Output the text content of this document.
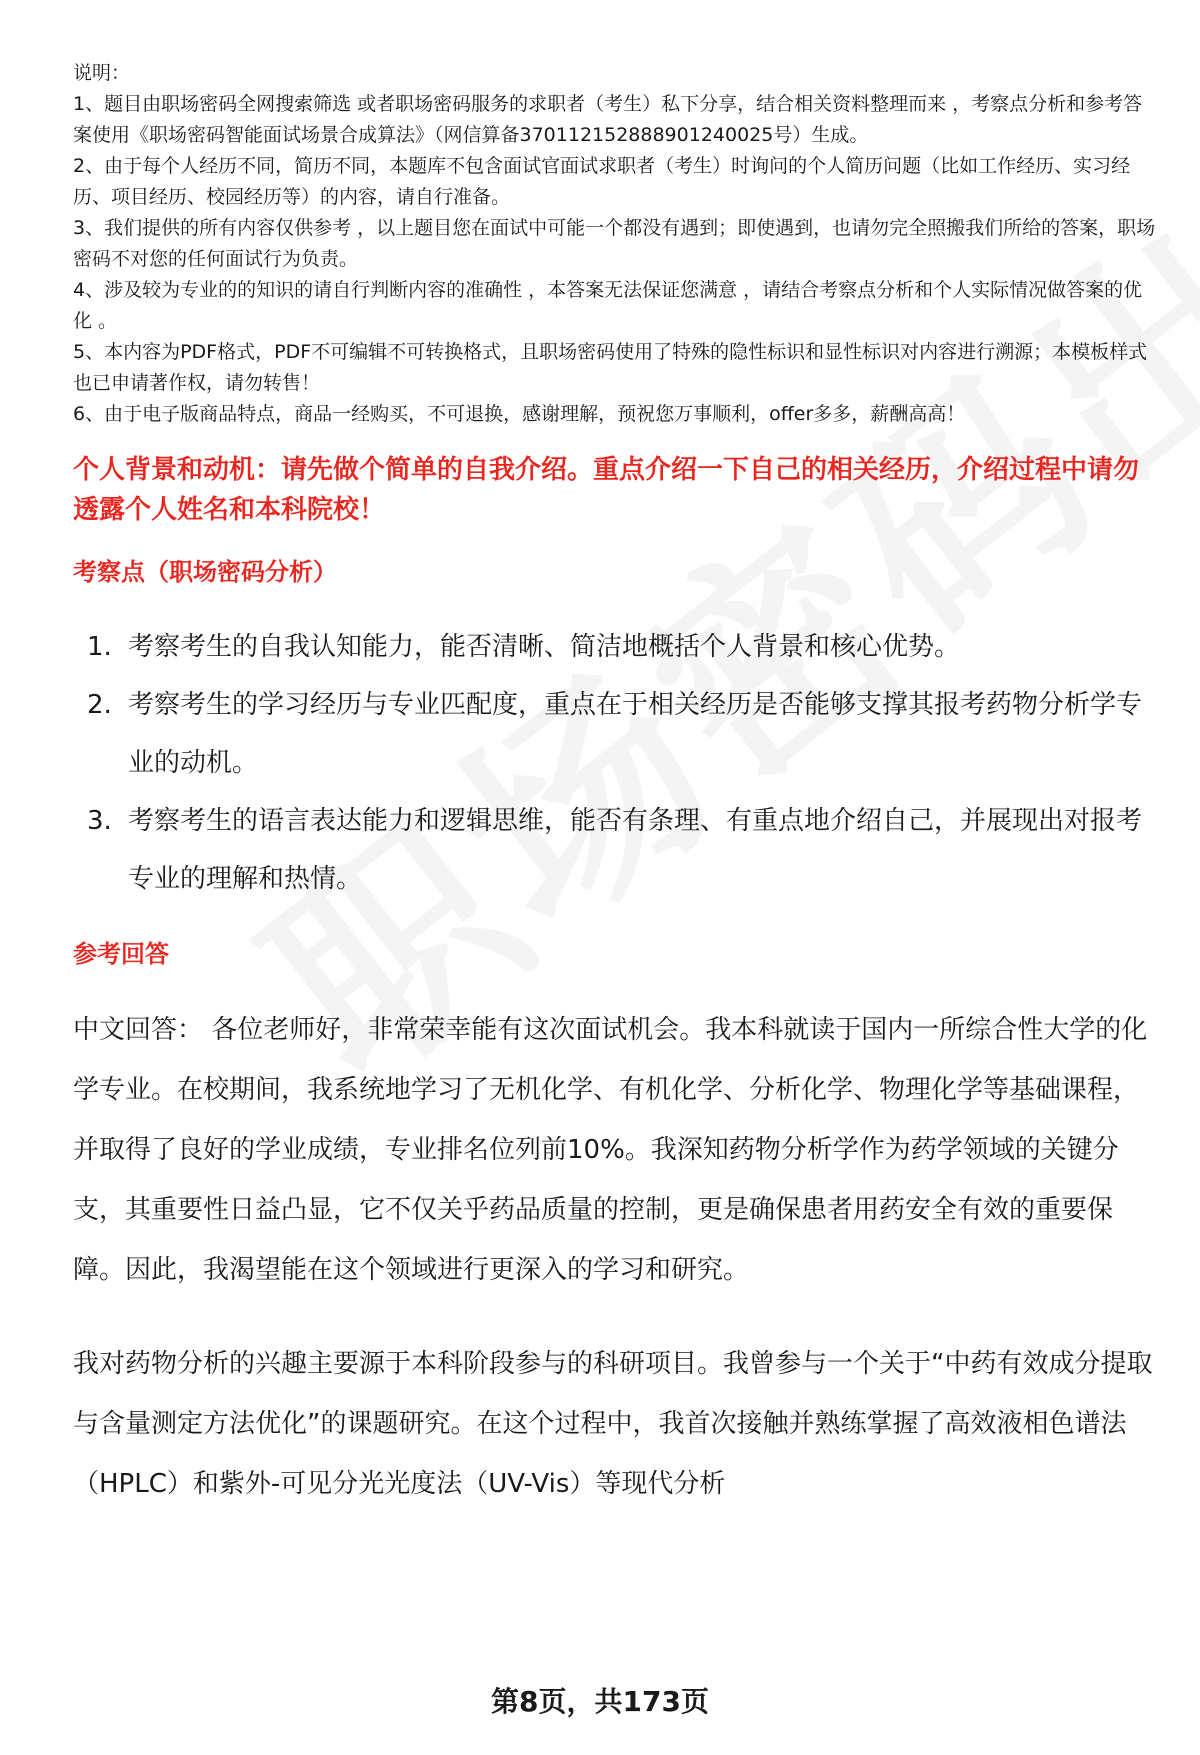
说明：

1、题目由职场密码全网搜索筛选 或者职场密码服务的求职者（考生）私下分享，结合相关资料整理而来 ，考察点分析和参考答案使用《职场密码智能面试场景合成算法》（网信算备370112152888901240025号）生成。

2、由于每个人经历不同，简历不同，本题库不包含面试官面试求职者（考生）时询问的个人简历问题（比如工作经历、实习经历、项目经历、校园经历等）的内容，请自行准备。

3、我们提供的所有内容仅供参考 ，以上题目您在面试中可能一个都没有遇到；即使遇到，也请勿完全照搬我们所给的答案，职场密码不对您的任何面试行为负责。

4、涉及较为专业的的知识的请自行判断内容的准确性 ，本答案无法保证您满意 ，请结合考察点分析和个人实际情况做答案的优化 。

5、本内容为PDF格式，PDF不可编辑不可转换格式，且职场密码使用了特殊的隐性标识和显性标识对内容进行溯源；本模板样式也已申请著作权，请勿转售！

6、由于电子版商品特点，商品一经购买，不可退换，感谢理解，预祝您万事顺利，offer多多，薪酬高高！

个人背景和动机：请先做个简单的自我介绍。重点介绍一下自己的相关经历，介绍过程中请勿透露个人姓名和本科院校！
考察点（职场密码分析）
1. 考察考生的自我认知能力，能否清晰、简洁地概括个人背景和核心优势。
2. 考察考生的学习经历与专业匹配度，重点在于相关经历是否能够支撑其报考药物分析学专业的动机。
3. 考察考生的语言表达能力和逻辑思维，能否有条理、有重点地介绍自己，并展现出对报考专业的理解和热情。
参考回答

中文回答： 各位老师好，非常荣幸能有这次面试机会。我本科就读于国内一所综合性大学的化学专业。在校期间，我系统地学习了无机化学、有机化学、分析化学、物理化学等基础课程，并取得了良好的学业成绩，专业排名位列前10%。我深知药物分析学作为药学领域的关键分支，其重要性日益凸显，它不仅关乎药品质量的控制，更是确保患者用药安全有效的重要保障。因此，我渴望能在这个领域进行更深入的学习和研究。

我对药物分析的兴趣主要源于本科阶段参与的科研项目。我曾参与一个关于“中药有效成分提取与含量测定方法优化”的课题研究。在这个过程中，我首次接触并熟练掌握了高效液相色谱法（HPLC）和紫外-可见分光光度法（UV-Vis）等现代分析

第8页，共173页
